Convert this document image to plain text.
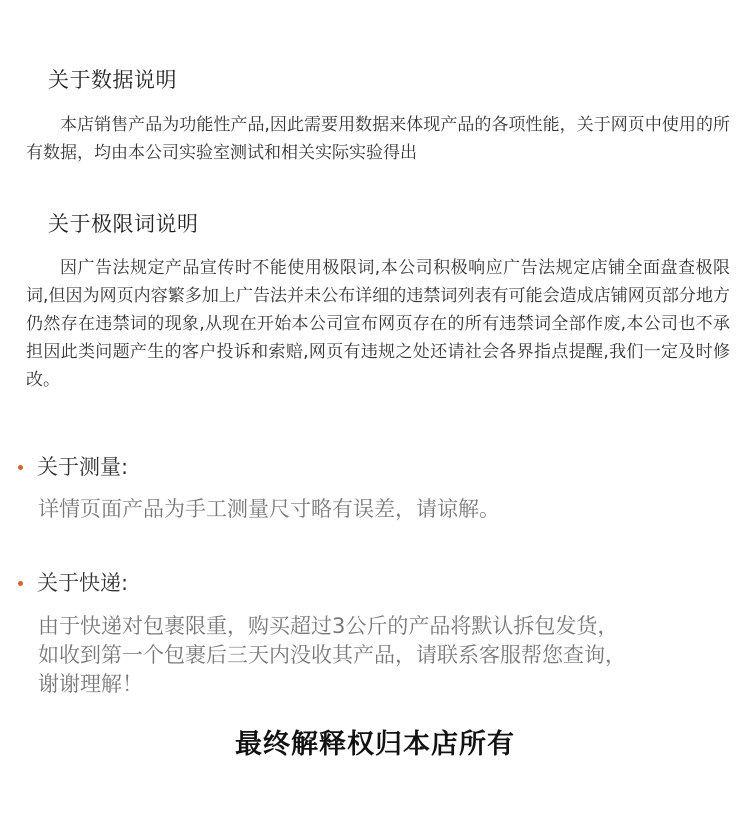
关于数据说明

本店销售产品为功能性产品,因此需要用数据来体现产品的各项性能，关于网页中使用的所有数据，均由本公司实验室测试和相关实际实验得出

关于极限词说明

因广告法规定产品宣传时不能使用极限词,本公司积极响应广告法规定店铺全面盘查极限词,但因为网页内容繁多加上广告法并未公布详细的违禁词列表有可能会造成店铺网页部分地方仍然存在违禁词的现象,从现在开始本公司宣布网页存在的所有违禁词全部作废,本公司也不承担因此类问题产生的客户投诉和索赔,网页有违规之处还请社会各界指点提醒,我们一定及时修改。

关于测量:

详情页面产品为手工测量尺寸略有误差，请谅解。

关于快递:

由于快递对包裹限重，购买超过3公斤的产品将默认拆包发货，

如收到第一个包裹后三天内没收其产品，请联系客服帮您查询，

谢谢理解！

最终解释权归本店所有
